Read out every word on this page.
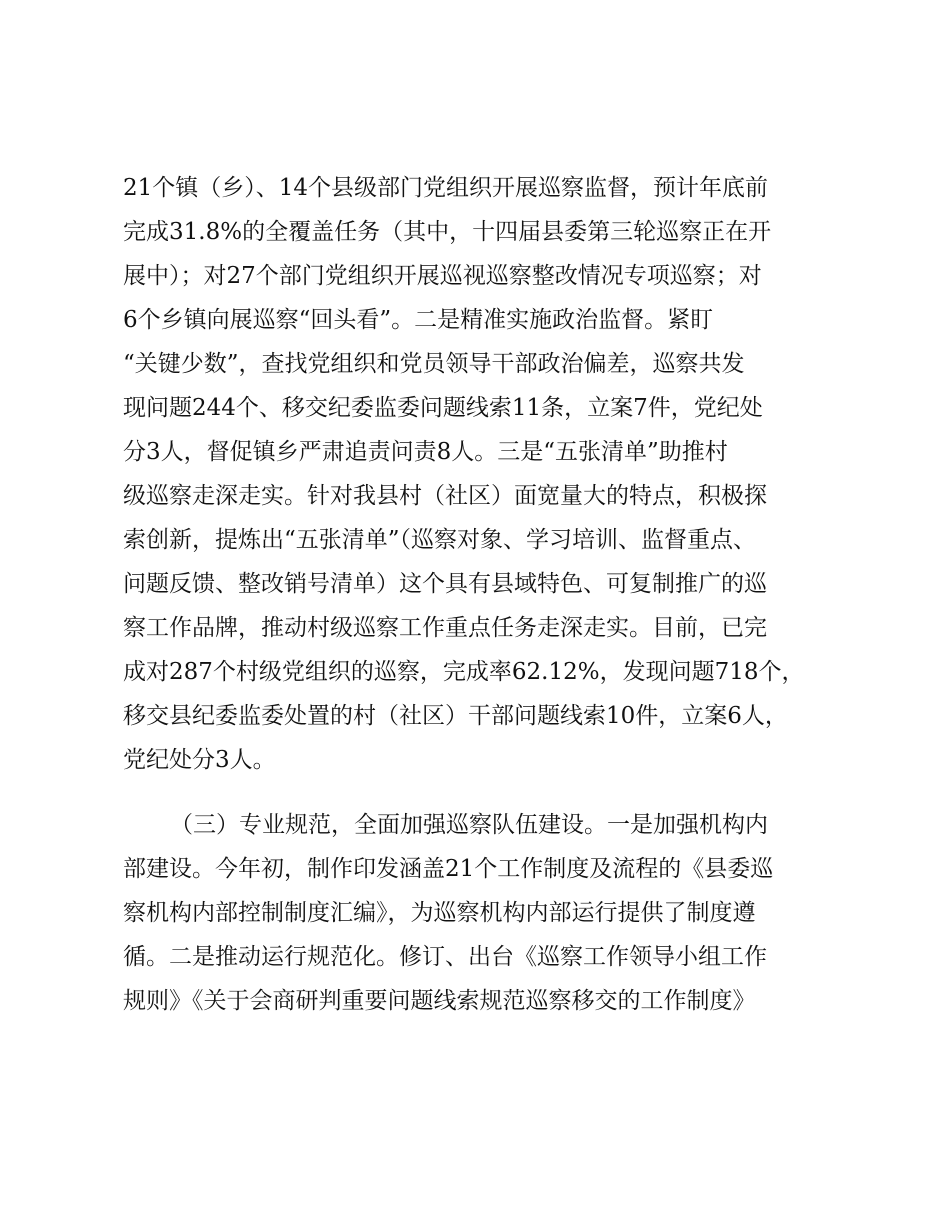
21个镇（乡）、14个县级部门党组织开展巡察监督，预计年底前

完成31.8%的全覆盖任务（其中，十四届县委第三轮巡察正在开

展中）；对27个部门党组织开展巡视巡察整改情况专项巡察；对

6个乡镇向展巡察“回头看”。二是精准实施政治监督。紧盯

“关键少数”，查找党组织和党员领导干部政治偏差，巡察共发

现问题244个、移交纪委监委问题线索11条，立案7件，党纪处

分3人，督促镇乡严肃追责问责8人。三是“五张清单”助推村

级巡察走深走实。针对我县村（社区）面宽量大的特点，积极探

索创新，提炼出“五张清单”（巡察对象、学习培训、监督重点、

问题反馈、整改销号清单）这个具有县域特色、可复制推广的巡

察工作品牌，推动村级巡察工作重点任务走深走实。目前，已完

成对287个村级党组织的巡察，完成率62.12%，发现问题718个，

移交县纪委监委处置的村（社区）干部问题线索10件，立案6人，

党纪处分3人。

（三）专业规范，全面加强巡察队伍建设。一是加强机构内

部建设。今年初，制作印发涵盖21个工作制度及流程的《县委巡

察机构内部控制制度汇编》，为巡察机构内部运行提供了制度遵

循。二是推动运行规范化。修订、出台《巡察工作领导小组工作

规则》《关于会商研判重要问题线索规范巡察移交的工作制度》
